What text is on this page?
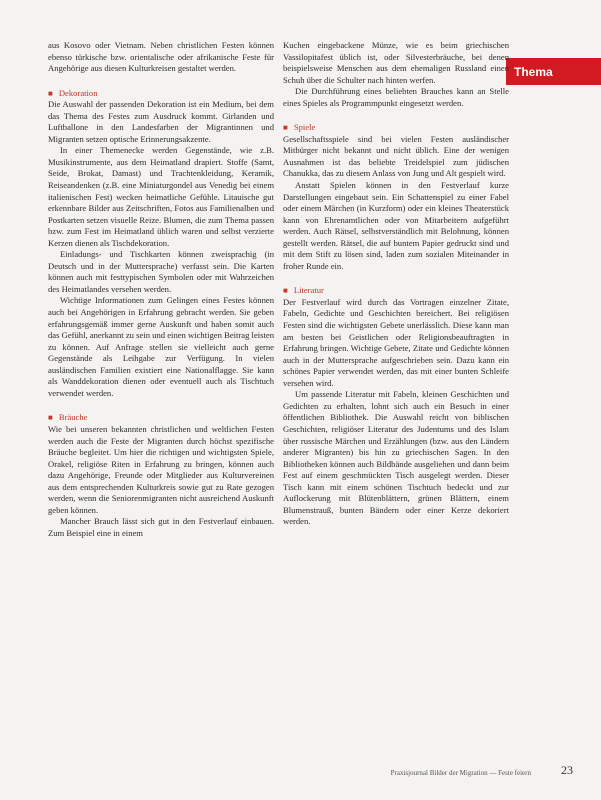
Thema

aus Kosovo oder Vietnam. Neben christlichen Festen können ebenso türkische bzw. orientalische oder afrikanische Feste für Angehörige aus diesen Kulturkreisen gestaltet werden.

■ Dekoration

Die Auswahl der passenden Dekoration ist ein Medium, bei dem das Thema des Festes zum Ausdruck kommt. Girlanden und Luftballone in den Landesfarben der Migrantinnen und Migranten setzen optische Erinnerungsakzente.

In einer Themenecke werden Gegenstände, wie z.B. Musikinstrumente, aus dem Heimatland drapiert. Stoffe (Samt, Seide, Brokat, Damast) und Trachtenkleidung, Keramik, Reiseandenken (z.B. eine Miniaturgondel aus Venedig bei einem italienischen Fest) wecken heimatliche Gefühle. Litauische gut erkennbare Bilder aus Zeitschriften, Fotos aus Familienalben und Postkarten setzen visuelle Reize. Blumen, die zum Thema passen bzw. zum Fest im Heimatland üblich waren und selbst verzierte Kerzen dienen als Tischdekoration.

Einladungs- und Tischkarten können zweisprachig (in Deutsch und in der Muttersprache) verfasst sein. Die Karten können auch mit festtypischen Symbolen oder mit Wahrzeichen des Heimatlandes versehen werden.

Wichtige Informationen zum Gelingen eines Festes können auch bei Angehörigen in Erfahrung gebracht werden. Sie geben erfahrungsgemäß immer gerne Auskunft und haben somit auch das Gefühl, anerkannt zu sein und einen wichtigen Beitrag leisten zu können. Auf Anfrage stellen sie vielleicht auch gerne Gegenstände als Leihgabe zur Verfügung. In vielen ausländischen Familien existiert eine Nationalflagge. Sie kann als Wanddekoration dienen oder eventuell auch als Tischtuch verwendet werden.

■ Bräuche

Wie bei unseren bekannten christlichen und weltlichen Festen werden auch die Feste der Migranten durch höchst spezifische Bräuche begleitet. Um hier die richtigen und wichtigsten Spiele, Orakel, religiöse Riten in Erfahrung zu bringen, können auch dazu Angehörige, Freunde oder Mitglieder aus Kulturvereinen aus dem entsprechenden Kulturkreis sowie gut zu Rate gezogen werden, wenn die Seniorenmigranten nicht ausreichend Auskunft geben können.

Mancher Brauch lässt sich gut in den Festverlauf einbauen. Zum Beispiel eine in einem

Kuchen eingebackene Münze, wie es beim griechischen Vassilopitafest üblich ist, oder Silvesterbräuche, bei denen beispielsweise Menschen aus dem ehemaligen Russland einen Schuh über die Schulter nach hinten werfen.

Die Durchführung eines beliebten Brauches kann an Stelle eines Spieles als Programmpunkt eingesetzt werden.

■ Spiele

Gesellschaftsspiele sind bei vielen Festen ausländischer Mitbürger nicht bekannt und nicht üblich. Eine der wenigen Ausnahmen ist das beliebte Treidelspiel zum jüdischen Chanukka, das zu diesem Anlass von Jung und Alt gespielt wird.

Anstatt Spielen können in den Festverlauf kurze Darstellungen eingebaut sein. Ein Schattenspiel zu einer Fabel oder einem Märchen (in Kurzform) oder ein kleines Theaterstück kann von Ehrenamtlichen oder von Mitarbeitern aufgeführt werden. Auch Rätsel, selbstverständlich mit Belohnung, können gestellt werden. Rätsel, die auf buntem Papier gedruckt sind und mit dem Stift zu lösen sind, laden zum sozialen Miteinander in froher Runde ein.

■ Literatur

Der Festverlauf wird durch das Vortragen einzelner Zitate, Fabeln, Gedichte und Geschichten bereichert. Bei religiösen Festen sind die wichtigsten Gebete unerlässlich. Diese kann man am besten bei Geistlichen oder Religionsbeauftragten in Erfahrung bringen. Wichtige Gebete, Zitate und Gedichte können auch in der Muttersprache aufgeschrieben sein. Dazu kann ein schönes Papier verwendet werden, das mit einer bunten Schleife versehen wird.

Um passende Literatur mit Fabeln, kleinen Geschichten und Gedichten zu erhalten, lohnt sich auch ein Besuch in einer öffentlichen Bibliothek. Die Auswahl reicht von biblischen Geschichten, religiöser Literatur des Judentums und des Islam über russische Märchen und Erzählungen (bzw. aus den Ländern anderer Migranten) bis hin zu griechischen Sagen. In den Bibliotheken können auch Bildbände ausgeliehen und dann beim Fest auf einem geschmückten Tisch ausgelegt werden. Dieser Tisch kann mit einem schönen Tischtuch bedeckt und zur Auflockerung mit Blütenblättern, grünen Blättern, einem Blumenstrauß, bunten Bändern oder einer Kerze dekoriert werden.

Praxisjournal Bilder der Migration — Feste feiern	23
